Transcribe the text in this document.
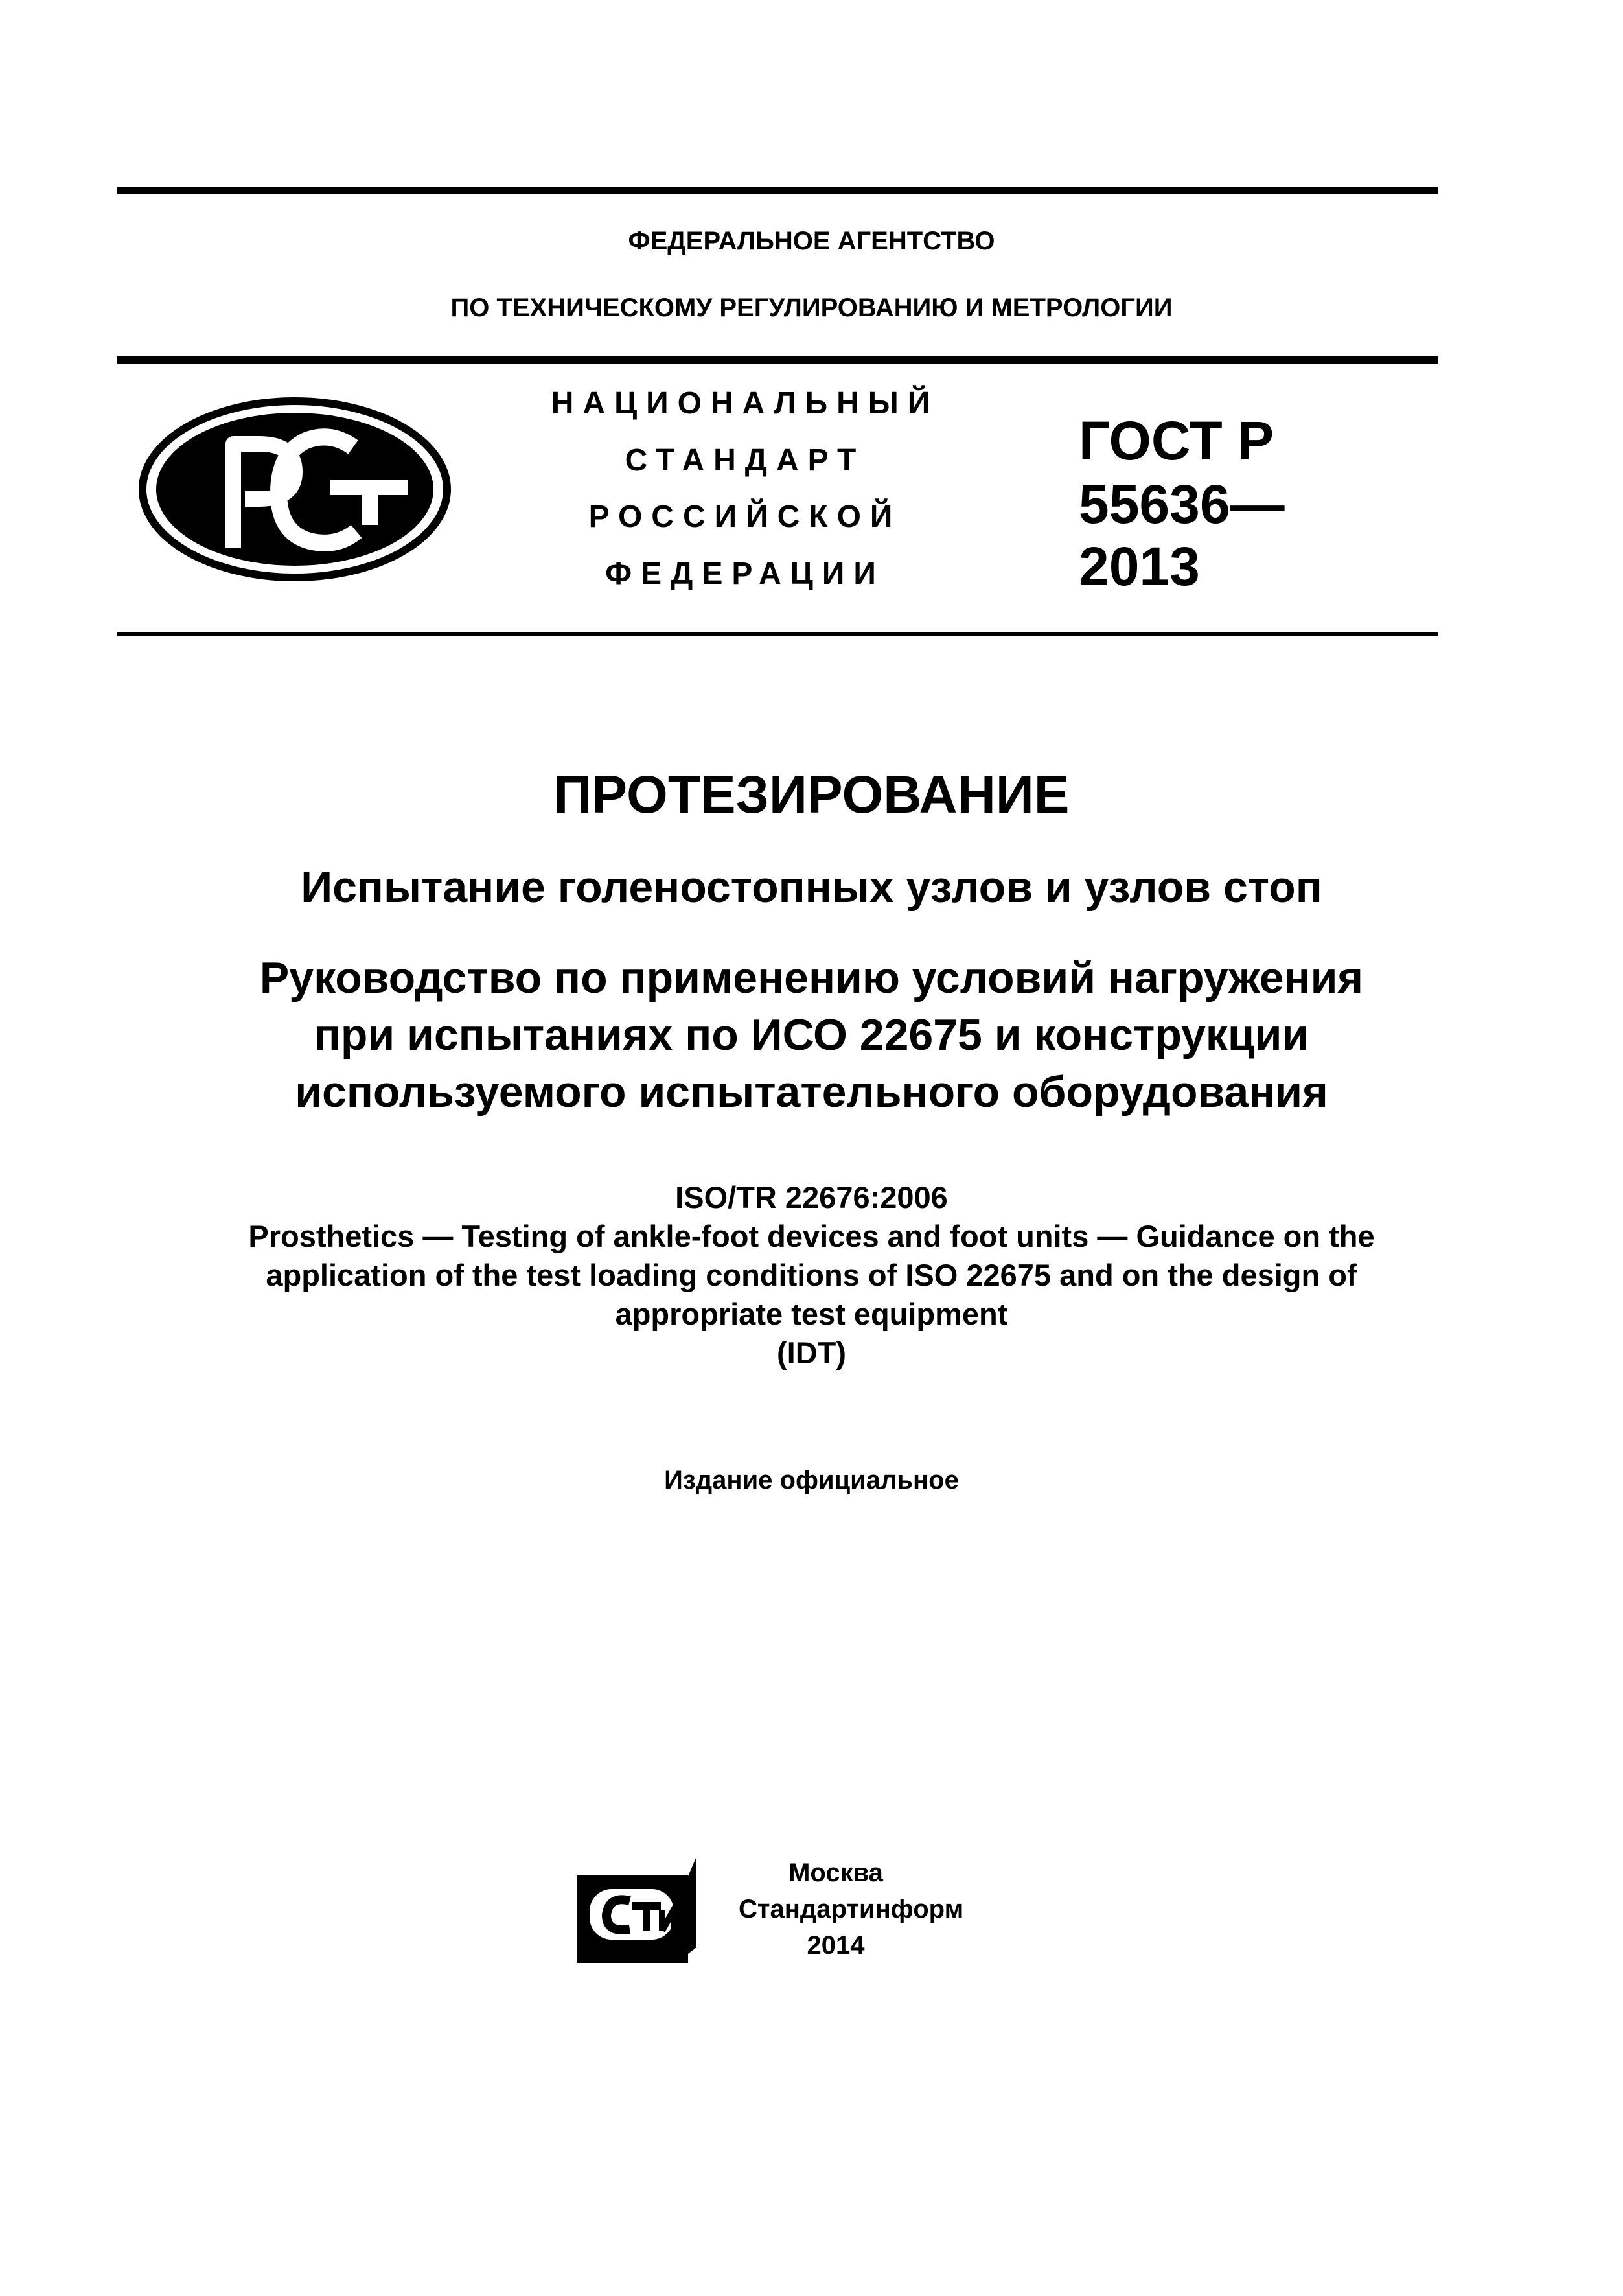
ФЕДЕРАЛЬНОЕ АГЕНТСТВО
ПО ТЕХНИЧЕСКОМУ РЕГУЛИРОВАНИЮ И МЕТРОЛОГИИ
НАЦИОНАЛЬНЫЙ
СТАНДАРТ
РОССИЙСКОЙ
ФЕДЕРАЦИИ
ГОСТ Р
55636—
2013
ПРОТЕЗИРОВАНИЕ
Испытание голеностопных узлов и узлов стоп
Руководство по применению условий нагружения
при испытаниях по ИСО 22675 и конструкции
используемого испытательного оборудования
ISO/TR 22676:2006
Prosthetics — Testing of ankle-foot devices and foot units — Guidance on the
application of the test loading conditions of ISO 22675 and on the design of
appropriate test equipment
(IDT)
Издание официальное
Москва
Стандартинформ
2014
